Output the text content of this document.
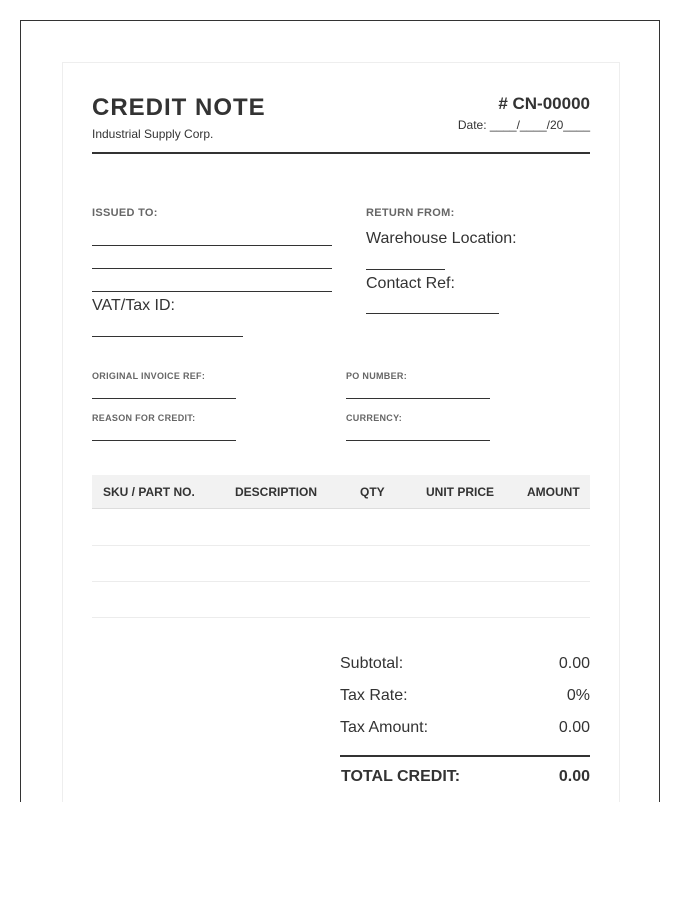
CREDIT NOTE
Industrial Supply Corp.
# CN-00000
Date: ____/____/20____
ISSUED TO:
VAT/Tax ID:
RETURN FROM:
Warehouse Location:
Contact Ref:
ORIGINAL INVOICE REF:	PO NUMBER:
REASON FOR CREDIT:	CURRENCY:
SKU / PART NO.	DESCRIPTION	QTY	UNIT PRICE	AMOUNT
Subtotal:	0.00
Tax Rate:	0%
Tax Amount:	0.00
TOTAL CREDIT:	0.00
